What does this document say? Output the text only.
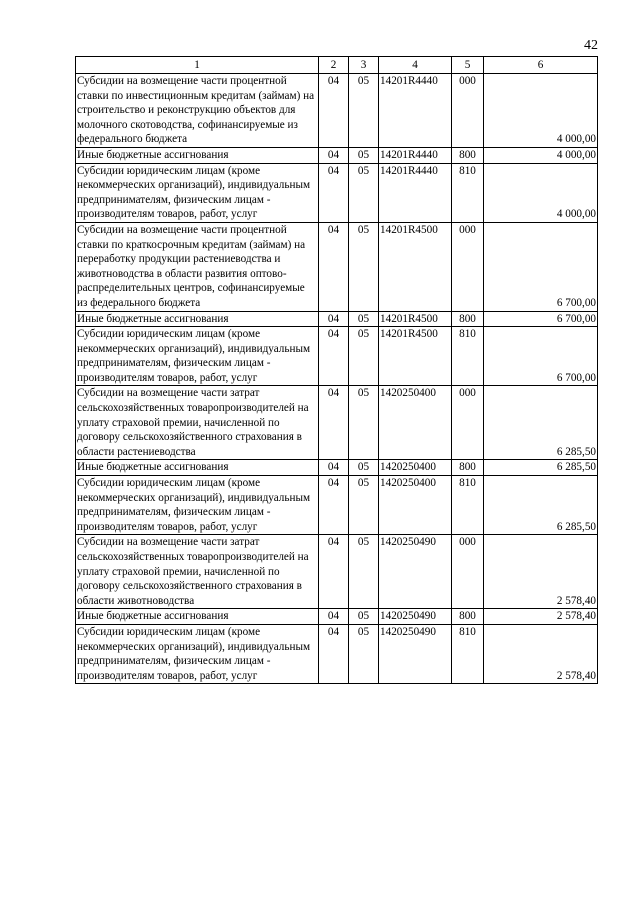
42
1	2	3	4	5	6
Субсидии на возмещение части процентной ставки по инвестиционным кредитам (займам) на строительство и реконструкцию объектов для молочного скотоводства, софинансируемые из федерального бюджета	04	05	14201R4440	000	4 000,00
Иные бюджетные ассигнования	04	05	14201R4440	800	4 000,00
Субсидии юридическим лицам (кроме некоммерческих организаций), индивидуальным предпринимателям, физическим лицам - производителям товаров, работ, услуг	04	05	14201R4440	810	4 000,00
Субсидии на возмещение части процентной ставки по краткосрочным кредитам (займам) на переработку продукции растениеводства и животноводства в области развития оптово-распределительных центров, софинансируемые из федерального бюджета	04	05	14201R4500	000	6 700,00
Иные бюджетные ассигнования	04	05	14201R4500	800	6 700,00
Субсидии юридическим лицам (кроме некоммерческих организаций), индивидуальным предпринимателям, физическим лицам - производителям товаров, работ, услуг	04	05	14201R4500	810	6 700,00
Субсидии на возмещение части затрат сельскохозяйственных товаропроизводителей на уплату страховой премии, начисленной по договору сельскохозяйственного страхования в области растениеводства	04	05	1420250400	000	6 285,50
Иные бюджетные ассигнования	04	05	1420250400	800	6 285,50
Субсидии юридическим лицам (кроме некоммерческих организаций), индивидуальным предпринимателям, физическим лицам - производителям товаров, работ, услуг	04	05	1420250400	810	6 285,50
Субсидии на возмещение части затрат сельскохозяйственных товаропроизводителей на уплату страховой премии, начисленной по договору сельскохозяйственного страхования в области животноводства	04	05	1420250490	000	2 578,40
Иные бюджетные ассигнования	04	05	1420250490	800	2 578,40
Субсидии юридическим лицам (кроме некоммерческих организаций), индивидуальным предпринимателям, физическим лицам - производителям товаров, работ, услуг	04	05	1420250490	810	2 578,40
